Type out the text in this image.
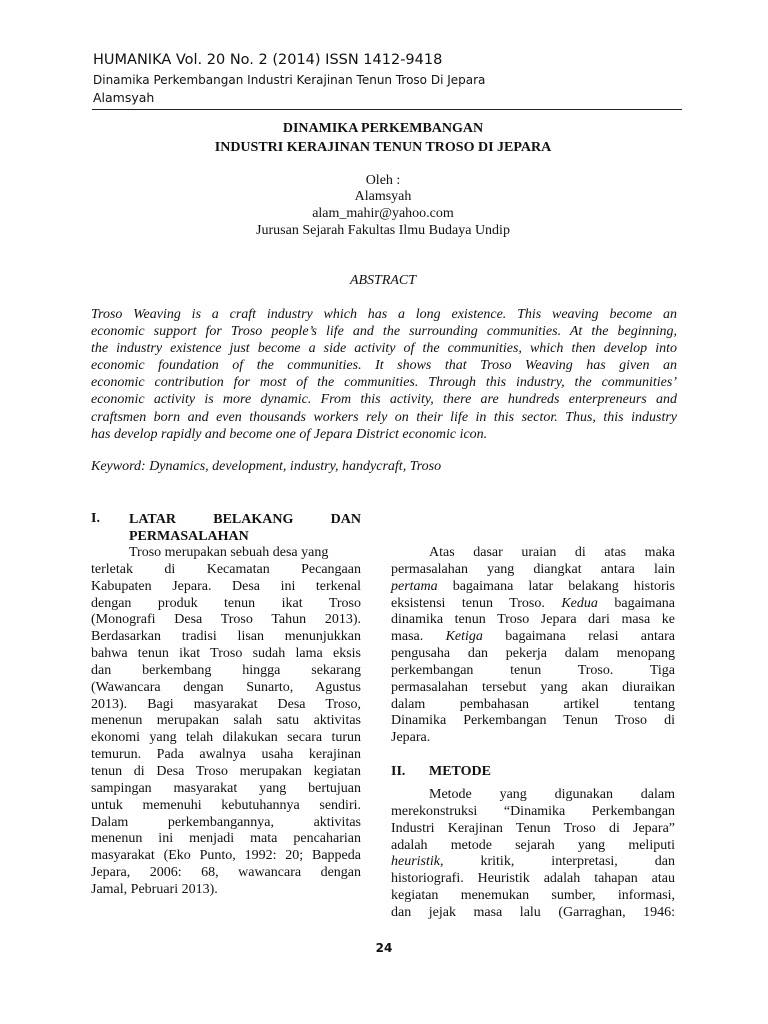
HUMANIKA Vol. 20 No. 2 (2014) ISSN 1412-9418
Dinamika Perkembangan Industri Kerajinan Tenun Troso Di Jepara
Alamsyah
DINAMIKA PERKEMBANGAN
INDUSTRI KERAJINAN TENUN TROSO DI JEPARA
Oleh :
Alamsyah
alam_mahir@yahoo.com
Jurusan Sejarah Fakultas Ilmu Budaya Undip
ABSTRACT
Troso Weaving is a craft industry which has a long existence. This weaving become an
economic support for Troso people’s life and the surrounding communities. At the beginning,
the industry existence just become a side activity of the communities, which then develop into
economic foundation of the communities. It shows that Troso Weaving has given an
economic contribution for most of the communities. Through this industry, the communities’
economic activity is more dynamic. From this activity, there are hundreds enterpreneurs and
craftsmen born and even thousands workers rely on their life in this sector. Thus, this industry
has develop rapidly and become one of Jepara District economic icon.
Keyword: Dynamics, development, industry, handycraft, Troso
I. LATAR BELAKANG DAN
PERMASALAHAN
Troso merupakan sebuah desa yang
terletak di Kecamatan Pecangaan
Kabupaten Jepara. Desa ini terkenal
dengan produk tenun ikat Troso
(Monografi Desa Troso Tahun 2013).
Berdasarkan tradisi lisan menunjukkan
bahwa tenun ikat Troso sudah lama eksis
dan berkembang hingga sekarang
(Wawancara dengan Sunarto, Agustus
2013). Bagi masyarakat Desa Troso,
menenun merupakan salah satu aktivitas
ekonomi yang telah dilakukan secara turun
temurun. Pada awalnya usaha kerajinan
tenun di Desa Troso merupakan kegiatan
sampingan masyarakat yang bertujuan
untuk memenuhi kebutuhannya sendiri.
Dalam perkembangannya, aktivitas
menenun ini menjadi mata pencaharian
masyarakat (Eko Punto, 1992: 20; Bappeda
Jepara, 2006: 68, wawancara dengan
Jamal, Pebruari 2013).
Atas dasar uraian di atas maka
permasalahan yang diangkat antara lain
pertama bagaimana latar belakang historis
eksistensi tenun Troso. Kedua bagaimana
dinamika tenun Troso Jepara dari masa ke
masa. Ketiga bagaimana relasi antara
pengusaha dan pekerja dalam menopang
perkembangan tenun Troso. Tiga
permasalahan tersebut yang akan diuraikan
dalam pembahasan artikel tentang
Dinamika Perkembangan Tenun Troso di
Jepara.
II. METODE
Metode yang digunakan dalam
merekonstruksi “Dinamika Perkembangan
Industri Kerajinan Tenun Troso di Jepara”
adalah metode sejarah yang meliputi
heuristik, kritik, interpretasi, dan
historiografi. Heuristik adalah tahapan atau
kegiatan menemukan sumber, informasi,
dan jejak masa lalu (Garraghan, 1946:
24
